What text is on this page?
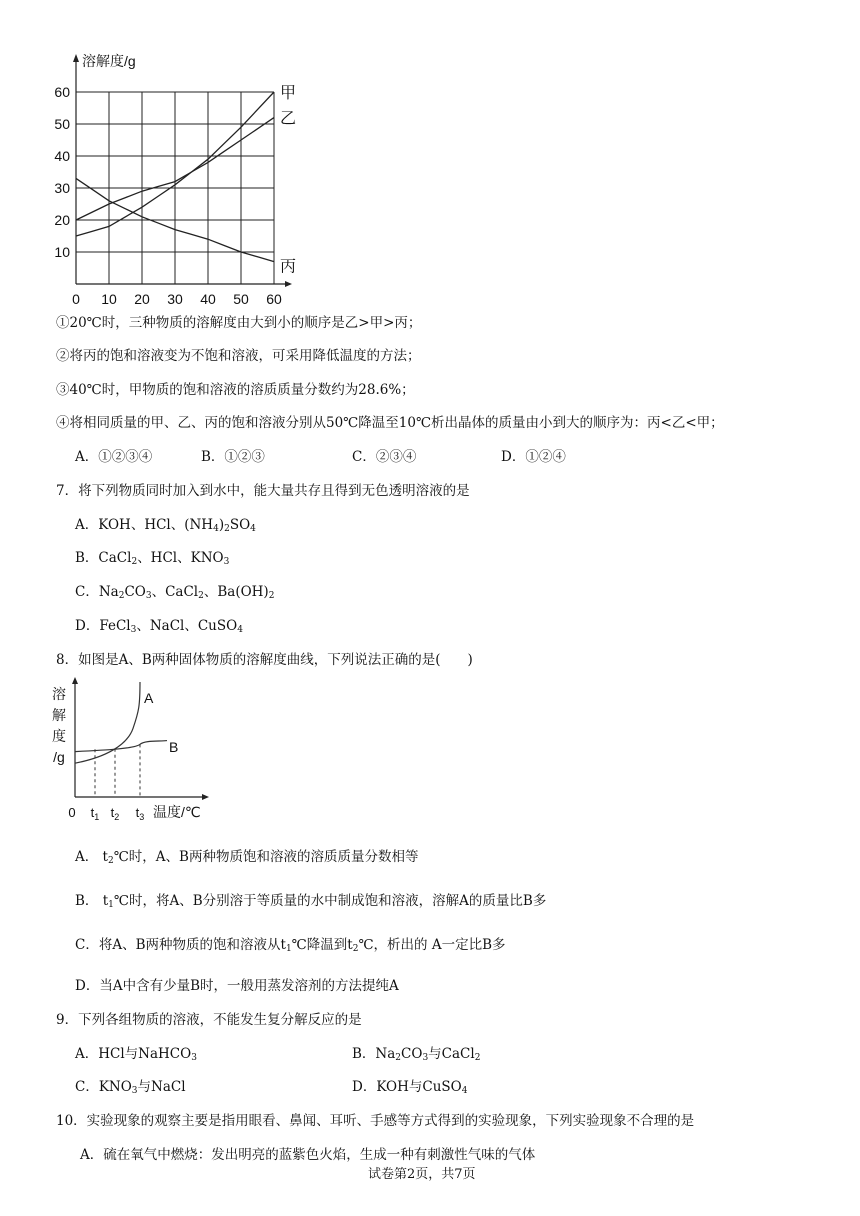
溶解度/g
0 10 20 30 40 50 60
10
20
30
40
50
60	甲
乙
丙
①20℃时，三种物质的溶解度由大到小的顺序是乙>甲>丙；
②将丙的饱和溶液变为不饱和溶液，可采用降低温度的方法；
③40℃时，甲物质的饱和溶液的溶质质量分数约为28.6%；
④将相同质量的甲、乙、丙的饱和溶液分别从50℃降温至10℃析出晶体的质量由小到大的顺序为：丙<乙<甲；
A．①②③④	B．①②③	C．②③④	D．①②④
7．将下列物质同时加入到水中，能大量共存且得到无色透明溶液的是
A．KOH、HCl、$(NH_4)_2SO_4$
B．CaCl$_2$、HCl、$KNO_3$
C．$Na_2CO_3$、CaCl$_2$、$Ba(OH)_2$
D．FeCl$_3$、NaCl、CuSO$_4$
8．如图是A、B两种固体物质的溶解度曲线，下列说法正确的是(　　)
溶
解
度
/g
A
B
0 $t_1$ $t_2$ $t_3$ 温度/℃
A． $t_2℃$时，A、B两种物质饱和溶液的溶质质量分数相等
B． $t_1℃$时，将A、B分别溶于等质量的水中制成饱和溶液，溶解A的质量比B多
C．将A、B两种物质的饱和溶液从$t_1℃$降温到$t_2℃$，析出的 A一定比B多
D．当A中含有少量B时，一般用蒸发溶剂的方法提纯A
9．下列各组物质的溶液，不能发生复分解反应的是
A．HCl与NaHCO$_3$	B．$Na_2CO_3$与CaCl$_2$
C．$KNO_3$与NaCl	D．KOH与CuSO$_4$
10．实验现象的观察主要是指用眼看、鼻闻、耳听、手感等方式得到的实验现象，下列实验现象不合理的是
A．硫在氧气中燃烧：发出明亮的蓝紫色火焰，生成一种有刺激性气味的气体
试卷第2页，共7页
